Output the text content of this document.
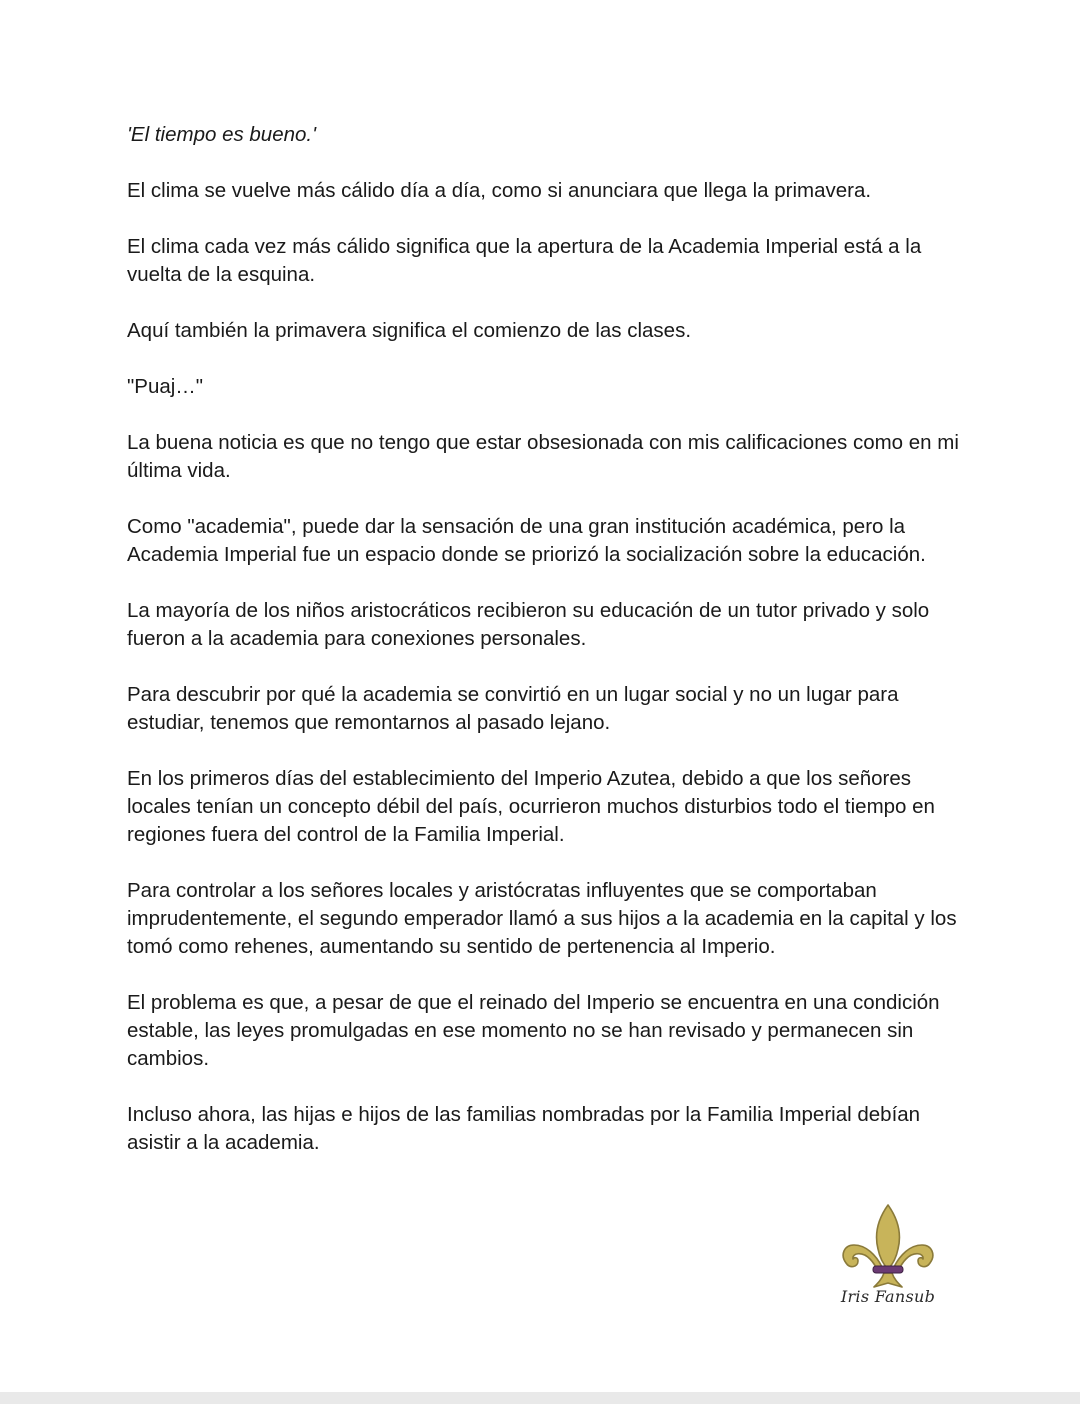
'El tiempo es bueno.'

El clima se vuelve más cálido día a día, como si anunciara que llega la primavera.

El clima cada vez más cálido significa que la apertura de la Academia Imperial está a la vuelta de la esquina.

Aquí también la primavera significa el comienzo de las clases.

"Puaj…"

La buena noticia es que no tengo que estar obsesionada con mis calificaciones como en mi última vida.

Como "academia", puede dar la sensación de una gran institución académica, pero la Academia Imperial fue un espacio donde se priorizó la socialización sobre la educación.

La mayoría de los niños aristocráticos recibieron su educación de un tutor privado y solo fueron a la academia para conexiones personales.

Para descubrir por qué la academia se convirtió en un lugar social y no un lugar para estudiar, tenemos que remontarnos al pasado lejano.

En los primeros días del establecimiento del Imperio Azutea, debido a que los señores locales tenían un concepto débil del país, ocurrieron muchos disturbios todo el tiempo en regiones fuera del control de la Familia Imperial.

Para controlar a los señores locales y aristócratas influyentes que se comportaban imprudentemente, el segundo emperador llamó a sus hijos a la academia en la capital y los tomó como rehenes, aumentando su sentido de pertenencia al Imperio.

El problema es que, a pesar de que el reinado del Imperio se encuentra en una condición estable, las leyes promulgadas en ese momento no se han revisado y permanecen sin cambios.

Incluso ahora, las hijas e hijos de las familias nombradas por la Familia Imperial debían asistir a la academia.

Iris Fansub
